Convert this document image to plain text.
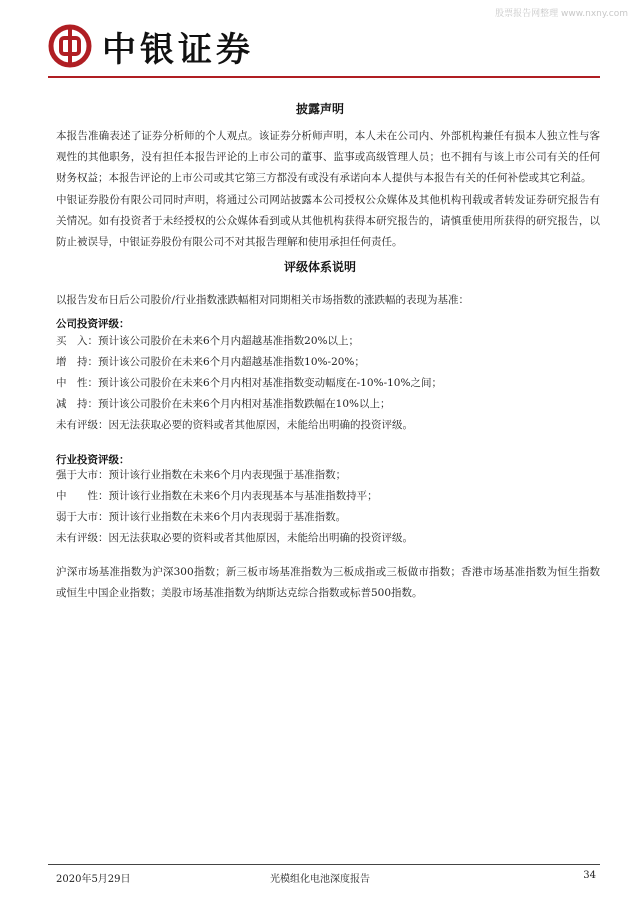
股票报告网整理 www.nxny.com
中银证券
披露声明
本报告准确表述了证券分析师的个人观点。该证券分析师声明，本人未在公司内、外部机构兼任有损本人独立性与客观性的其他职务，没有担任本报告评论的上市公司的董事、监事或高级管理人员；也不拥有与该上市公司有关的任何财务权益；本报告评论的上市公司或其它第三方都没有或没有承诺向本人提供与本报告有关的任何补偿或其它利益。
中银证券股份有限公司同时声明，将通过公司网站披露本公司授权公众媒体及其他机构刊载或者转发证券研究报告有关情况。如有投资者于未经授权的公众媒体看到或从其他机构获得本研究报告的，请慎重使用所获得的研究报告，以防止被误导，中银证券股份有限公司不对其报告理解和使用承担任何责任。
评级体系说明
以报告发布日后公司股价/行业指数涨跌幅相对同期相关市场指数的涨跌幅的表现为基准：
公司投资评级：
买　入：预计该公司股价在未来6个月内超越基准指数20%以上；
增　持：预计该公司股价在未来6个月内超越基准指数10%-20%；
中　性：预计该公司股价在未来6个月内相对基准指数变动幅度在-10%-10%之间；
减　持：预计该公司股价在未来6个月内相对基准指数跌幅在10%以上；
未有评级：因无法获取必要的资料或者其他原因，未能给出明确的投资评级。
行业投资评级：
强于大市：预计该行业指数在未来6个月内表现强于基准指数；
中　　性：预计该行业指数在未来6个月内表现基本与基准指数持平；
弱于大市：预计该行业指数在未来6个月内表现弱于基准指数。
未有评级：因无法获取必要的资料或者其他原因，未能给出明确的投资评级。
沪深市场基准指数为沪深300指数；新三板市场基准指数为三板成指或三板做市指数；香港市场基准指数为恒生指数或恒生中国企业指数；美股市场基准指数为纳斯达克综合指数或标普500指数。
2020年5月29日	光模组化电池深度报告	34
